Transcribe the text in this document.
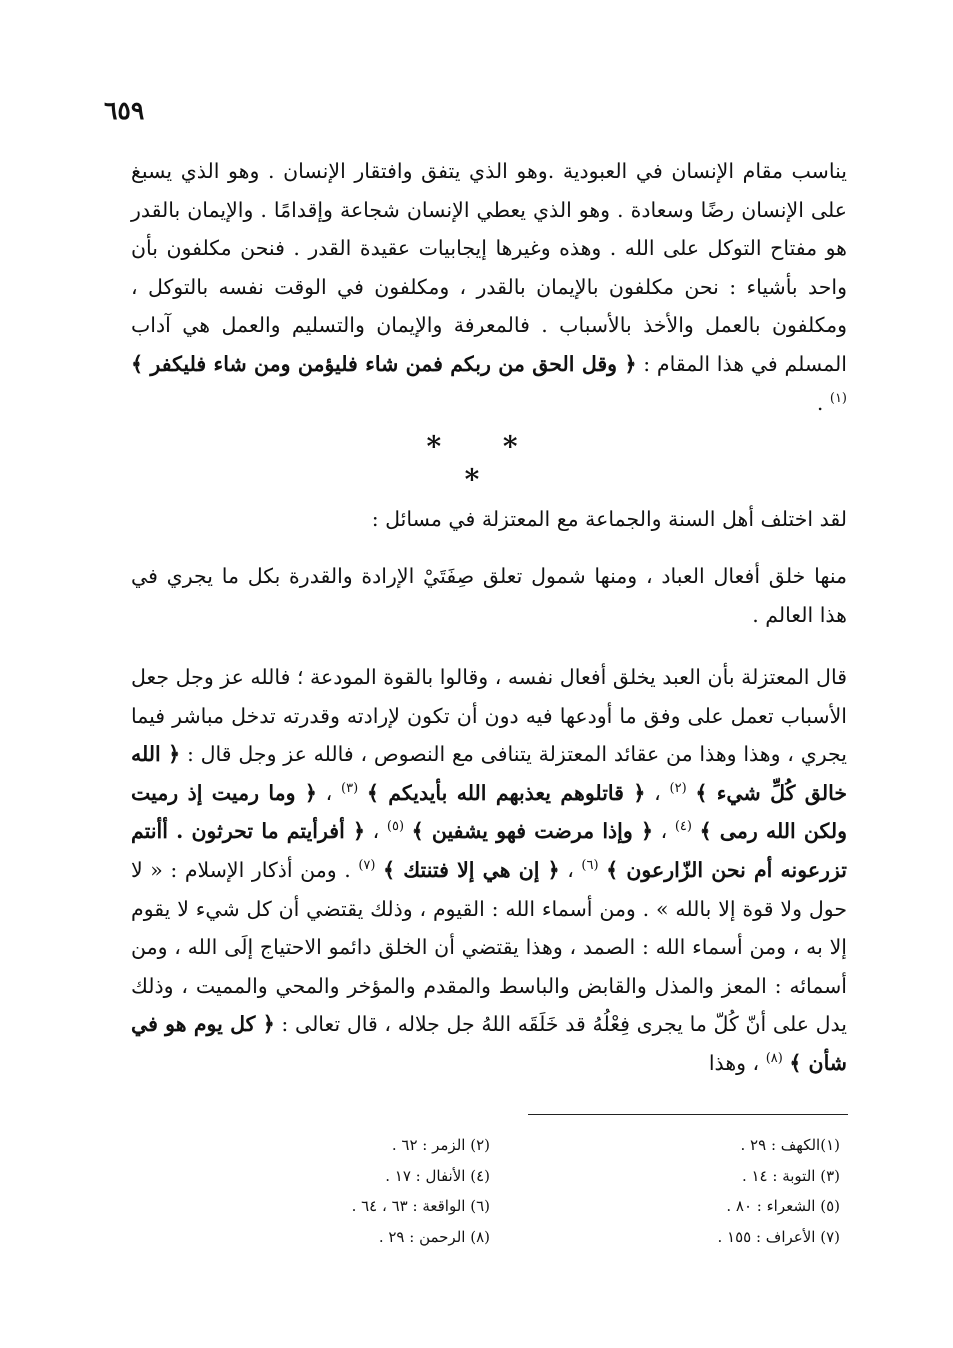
٦٥٩

يناسب مقام الإنسان في العبودية .وهو الذي يتفق وافتقار الإنسان . وهو الذي يسبغ على الإنسان رضًا وسعادة . وهو الذي يعطي الإنسان شجاعة وإقدامًا . والإيمان بالقدر هو مفتاح التوكل على الله . وهذه وغيرها إيجابيات عقيدة القدر . فنحن مكلفون بأن واحد بأشياء : نحن مكلفون بالإيمان بالقدر ، ومكلفون في الوقت نفسه بالتوكل ، ومكلفون بالعمل والأخذ بالأسباب . فالمعرفة والإيمان والتسليم والعمل هي آداب المسلم في هذا المقام : ﴿ وقل الحق من ربكم فمن شاء فليؤمن ومن شاء فليكفر ﴾ $^{(١)}$ .

* * *

لقد اختلف أهل السنة والجماعة مع المعتزلة في مسائل :

منها خلق أفعال العباد ، ومنها شمول تعلق صِفَتَيْ الإرادة والقدرة بكل ما يجري في هذا العالم .

قال المعتزلة بأن العبد يخلق أفعال نفسه ، وقالوا بالقوة المودعة ؛ فالله عز وجل جعل الأسباب تعمل على وفق ما أودعها فيه دون أن تكون لإرادته وقدرته تدخل مباشر فيما يجري ، وهذا وهذا من عقائد المعتزلة يتنافى مع النصوص ، فالله عز وجل قال : ﴿ الله خالق كُلِّ شيء ﴾ $^{(٢)}$ ، ﴿ قاتلوهم يعذبهم الله بأيديكم ﴾ $^{(٣)}$ ، ﴿ وما رميت إذ رميت ولكن الله رمى ﴾ $^{(٤)}$ ، ﴿ وإذا مرضت فهو يشفين ﴾ $^{(٥)}$ ، ﴿ أفرأيتم ما تحرثون . أأنتم تزرعونه أم نحن الزّارعون ﴾ $^{(٦)}$ ، ﴿ إن هي إلا فتنتك ﴾ $^{(٧)}$ . ومن أذكار الإسلام : « لا حول ولا قوة إلا بالله » . ومن أسماء الله : القيوم ، وذلك يقتضي أن كل شيء لا يقوم إلا به ، ومن أسماء الله : الصمد ، وهذا يقتضي أن الخلق دائمو الاحتياج إلَى الله ، ومن أسمائه : المعز والمذل والقابض والباسط والمقدم والمؤخر والمحي والمميت ، وذلك يدل على أنّ كُلّ ما يجرى فِعْلُهُ قد خَلَقَه اللهُ جل جلاله ، قال تعالى : ﴿ كل يوم هو في شأن ﴾ $^{(٨)}$ ، وهذا

(١)الكهف : ٢٩ .
(٢) الزمر : ٦٢ .
(٣) التوبة : ١٤ .
(٤) الأنفال : ١٧ .
(٥) الشعراء : ٨٠ .
(٦) الواقعة : ٦٣ ، ٦٤ .
(٧) الأعراف : ١٥٥ .
(٨) الرحمن : ٢٩ .
